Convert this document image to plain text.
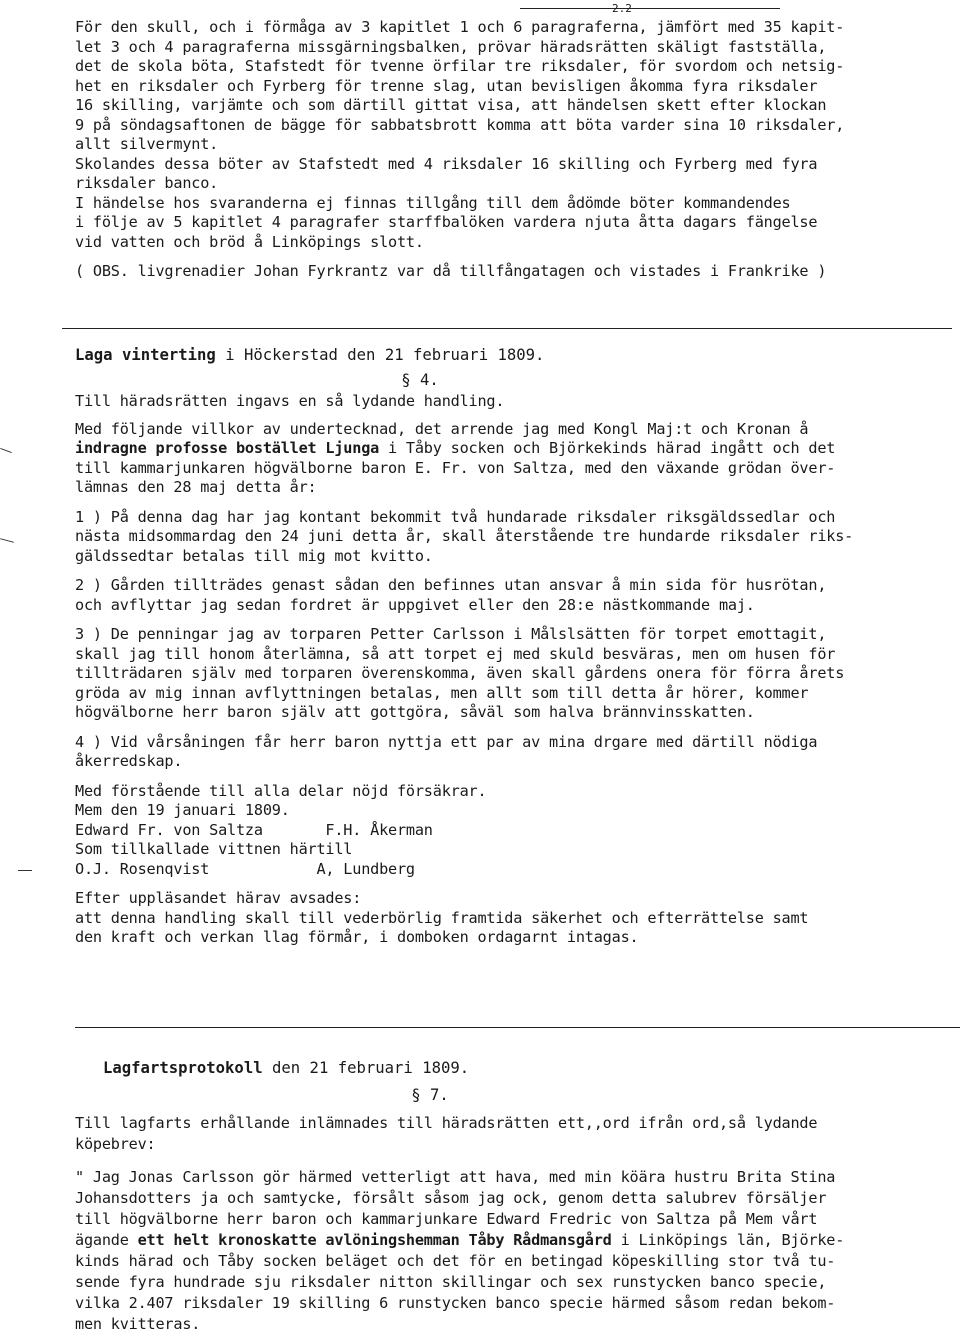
2.2
För den skull, och i förmåga av 3 kapitlet 1 och 6 paragraferna, jämfört med 35 kapit-
let 3 och 4 paragraferna missgärningsbalken, prövar häradsrätten skäligt fastställa,
det de skola böta, Stafstedt för tvenne örfilar tre riksdaler, för svordom och netsig-
het en riksdaler och Fyrberg för trenne slag, utan bevisligen åkomma fyra riksdaler
16 skilling, varjämte och som därtill gittat visa, att händelsen skett efter klockan
9 på söndagsaftonen de bägge för sabbatsbrott komma att böta varder sina 10 riksdaler,
allt silvermynt.
Skolandes dessa böter av Stafstedt med 4 riksdaler 16 skilling och Fyrberg med fyra
riksdaler banco.
I händelse hos svaranderna ej finnas tillgång till dem ådömde böter kommandendes
i följe av 5 kapitlet 4 paragrafer starffbalöken vardera njuta åtta dagars fängelse
vid vatten och bröd å Linköpings slott.
( OBS. livgrenadier Johan Fyrkrantz var då tillfångatagen och vistades i Frankrike )
Laga vinterting i Höckerstad den 21 februari 1809.
§ 4.
Till häradsrätten ingavs en så lydande handling.
Med följande villkor av undertecknad, det arrende jag med Kongl Maj:t och Kronan å
indragne profosse bostället Ljunga i Tåby socken och Björkekinds härad ingått och det
till kammarjunkaren högvälborne baron E. Fr. von Saltza, med den växande grödan över-
lämnas den 28 maj detta år:
1 ) På denna dag har jag kontant bekommit två hundarade riksdaler riksgäldssedlar och
nästa midsommardag den 24 juni detta år, skall återstående tre hundarde riksdaler riks-
gäldssedtar betalas till mig mot kvitto.
2 ) Gården tillträdes genast sådan den befinnes utan ansvar å min sida för husrötan,
och avflyttar jag sedan fordret är uppgivet eller den 28:e nästkommande maj.
3 ) De penningar jag av torparen Petter Carlsson i Målslsätten för torpet emottagit,
skall jag till honom återlämna, så att torpet ej med skuld besväras, men om husen för
tillträdaren själv med torparen överenskomma, även skall gårdens onera för förra årets
gröda av mig innan avflyttningen betalas, men allt som till detta år hörer, kommer
högvälborne herr baron själv att gottgöra, såväl som halva brännvinsskatten.
4 ) Vid vårsåningen får herr baron nyttja ett par av mina drgare med därtill nödiga
åkerredskap.
Med förstående till alla delar nöjd försäkrar.
Mem den 19 januari 1809.
Edward Fr. von Saltza       F.H. Åkerman
Som tillkallade vittnen härtill
O.J. Rosenqvist            A, Lundberg
Efter uppläsandet härav avsades:
att denna handling skall till vederbörlig framtida säkerhet och efterrättelse samt
den kraft och verkan llag förmår, i domboken ordagarnt intagas.
Lagfartsprotokoll den 21 februari 1809.
§ 7.
Till lagfarts erhållande inlämnades till häradsrätten ett,,ord ifrån ord,så lydande
köpebrev:
" Jag Jonas Carlsson gör härmed vetterligt att hava, med min köära hustru Brita Stina
Johansdotters ja och samtycke, försålt såsom jag ock, genom detta salubrev försäljer
till högvälborne herr baron och kammarjunkare Edward Fredric von Saltza på Mem vårt
ägande ett helt kronoskatte avlöningshemman Tåby Rådmansgård i Linköpings län, Björke-
kinds härad och Tåby socken beläget och det för en betingad köpeskilling stor två tu-
sende fyra hundrade sju riksdaler nitton skillingar och sex runstycken banco specie,
vilka 2.407 riksdaler 19 skilling 6 runstycken banco specie härmed såsom redan bekom-
men kvitteras.
